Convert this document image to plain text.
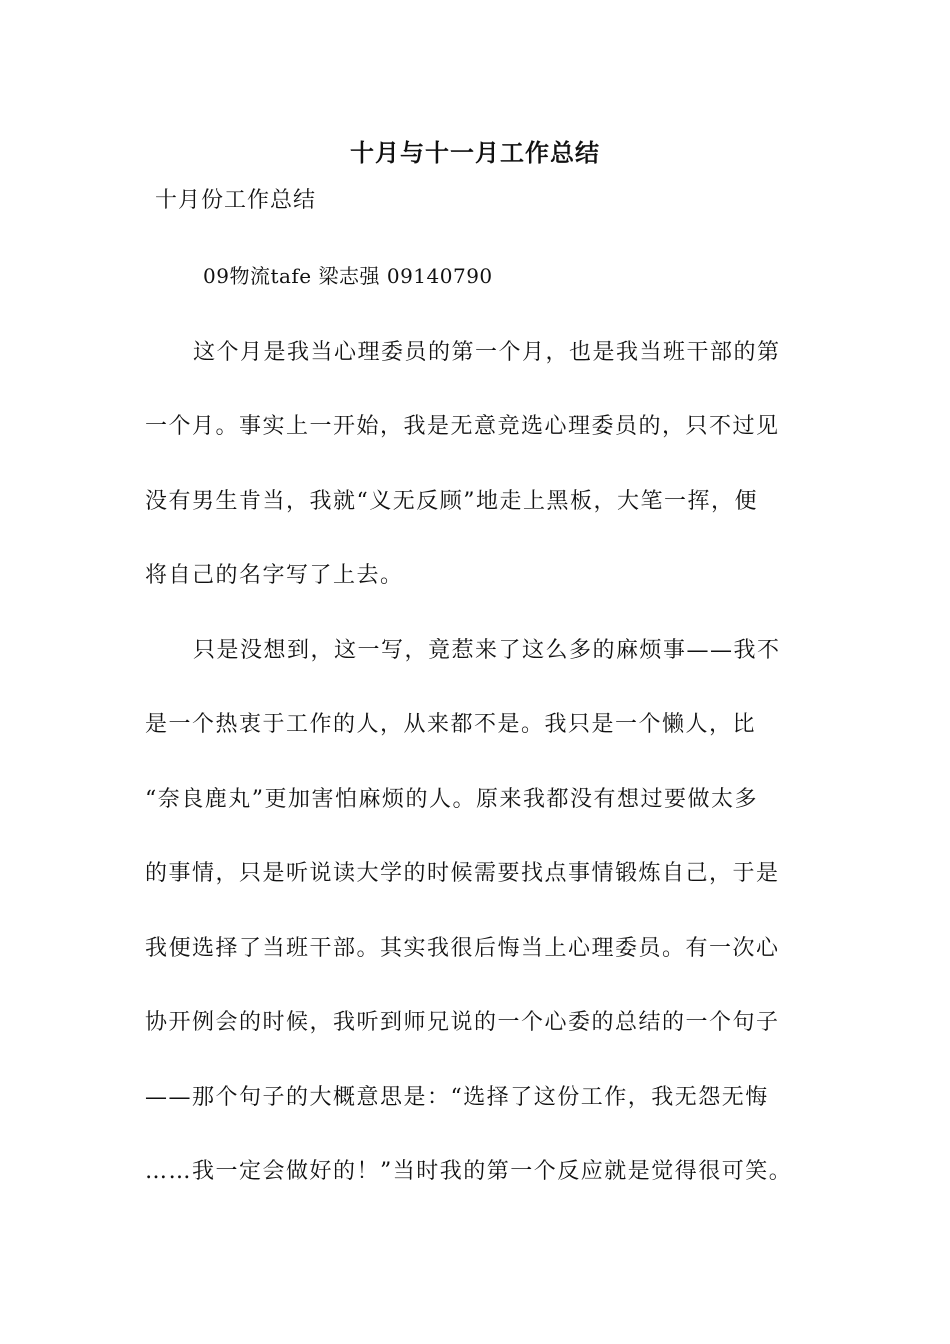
十月与十一月工作总结
十月份工作总结
09物流tafe 梁志强 09140790
这个月是我当心理委员的第一个月，也是我当班干部的第
一个月。事实上一开始，我是无意竞选心理委员的，只不过见
没有男生肯当，我就“义无反顾”地走上黑板，大笔一挥，便
将自己的名字写了上去。
只是没想到，这一写，竟惹来了这么多的麻烦事——我不
是一个热衷于工作的人，从来都不是。我只是一个懒人，比
“奈良鹿丸”更加害怕麻烦的人。原来我都没有想过要做太多
的事情，只是听说读大学的时候需要找点事情锻炼自己，于是
我便选择了当班干部。其实我很后悔当上心理委员。有一次心
协开例会的时候，我听到师兄说的一个心委的总结的一个句子
——那个句子的大概意思是：“选择了这份工作，我无怨无悔
……我一定会做好的！”当时我的第一个反应就是觉得很可笑。
